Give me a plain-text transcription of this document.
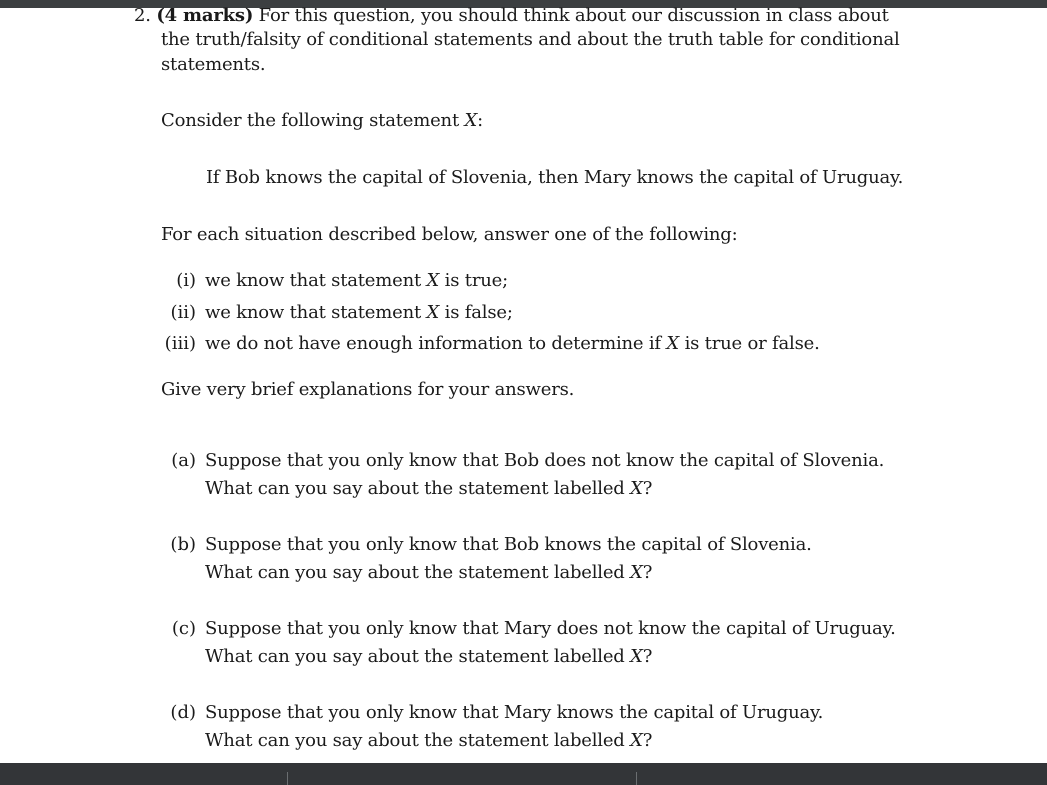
2. (4 marks) For this question, you should think about our discussion in class about
the truth/falsity of conditional statements and about the truth table for conditional
statements.
Consider the following statement X:
If Bob knows the capital of Slovenia, then Mary knows the capital of Uruguay.
For each situation described below, answer one of the following:
(i) we know that statement X is true;
(ii) we know that statement X is false;
(iii) we do not have enough information to determine if X is true or false.
Give very brief explanations for your answers.
(a) Suppose that you only know that Bob does not know the capital of Slovenia.
What can you say about the statement labelled X?
(b) Suppose that you only know that Bob knows the capital of Slovenia.
What can you say about the statement labelled X?
(c) Suppose that you only know that Mary does not know the capital of Uruguay.
What can you say about the statement labelled X?
(d) Suppose that you only know that Mary knows the capital of Uruguay.
What can you say about the statement labelled X?
